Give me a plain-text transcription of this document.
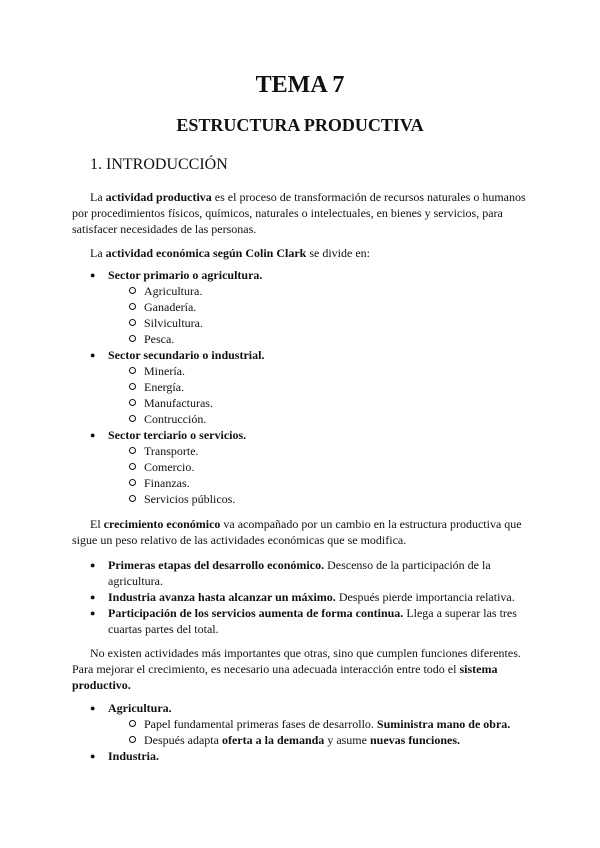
TEMA 7
ESTRUCTURA PRODUCTIVA
1. INTRODUCCIÓN
La actividad productiva es el proceso de transformación de recursos naturales o humanos
por procedimientos físicos, químicos, naturales o intelectuales, en bienes y servicios, para
satisfacer necesidades de las personas.
La actividad económica según Colin Clark se divide en:
● Sector primario o agricultura.
Agricultura.
Ganadería.
Silvicultura.
Pesca.
● Sector secundario o industrial.
Minería.
Energía.
Manufacturas.
Contrucción.
● Sector terciario o servicios.
Transporte.
Comercio.
Finanzas.
Servicios públicos.
El crecimiento económico va acompañado por un cambio en la estructura productiva que
sigue un peso relativo de las actividades económicas que se modifica.
● Primeras etapas del desarrollo económico. Descenso de la participación de la
agricultura.
● Industria avanza hasta alcanzar un máximo. Después pierde importancia relativa.
● Participación de los servicios aumenta de forma continua. Llega a superar las tres
cuartas partes del total.
No existen actividades más importantes que otras, sino que cumplen funciones diferentes.
Para mejorar el crecimiento, es necesario una adecuada interacción entre todo el sistema
productivo.
● Agricultura.
Papel fundamental primeras fases de desarrollo. Suministra mano de obra.
Después adapta oferta a la demanda y asume nuevas funciones.
● Industria.
